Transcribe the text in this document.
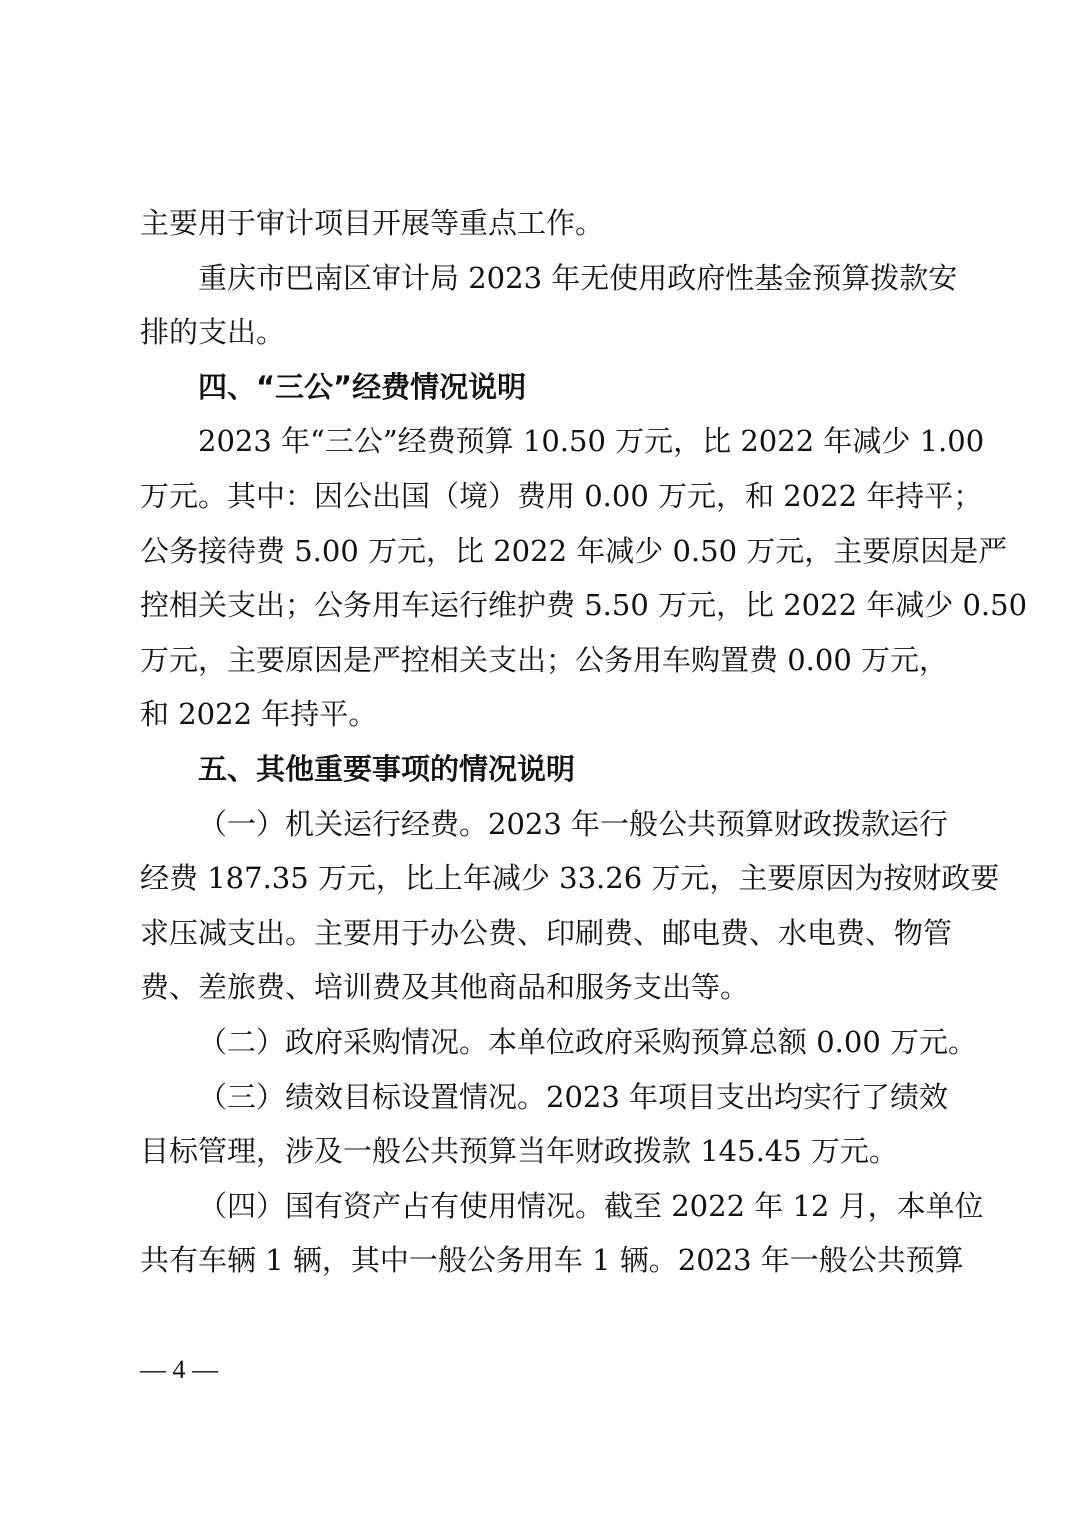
主要用于审计项目开展等重点工作。
重庆市巴南区审计局 2023 年无使用政府性基金预算拨款安
排的支出。
四、“三公”经费情况说明
2023 年“三公”经费预算 10.50 万元，比 2022 年减少 1.00
万元。其中：因公出国（境）费用 0.00 万元，和 2022 年持平；
公务接待费 5.00 万元，比 2022 年减少 0.50 万元，主要原因是严
控相关支出；公务用车运行维护费 5.50 万元，比 2022 年减少 0.50
万元，主要原因是严控相关支出；公务用车购置费 0.00 万元，
和 2022 年持平。
五、其他重要事项的情况说明
（一）机关运行经费。2023 年一般公共预算财政拨款运行
经费 187.35 万元，比上年减少 33.26 万元，主要原因为按财政要
求压减支出。主要用于办公费、印刷费、邮电费、水电费、物管
费、差旅费、培训费及其他商品和服务支出等。
（二）政府采购情况。本单位政府采购预算总额 0.00 万元。
（三）绩效目标设置情况。2023 年项目支出均实行了绩效
目标管理，涉及一般公共预算当年财政拨款 145.45 万元。
（四）国有资产占有使用情况。截至 2022 年 12 月，本单位
共有车辆 1 辆，其中一般公务用车 1 辆。2023 年一般公共预算
— 4 —
